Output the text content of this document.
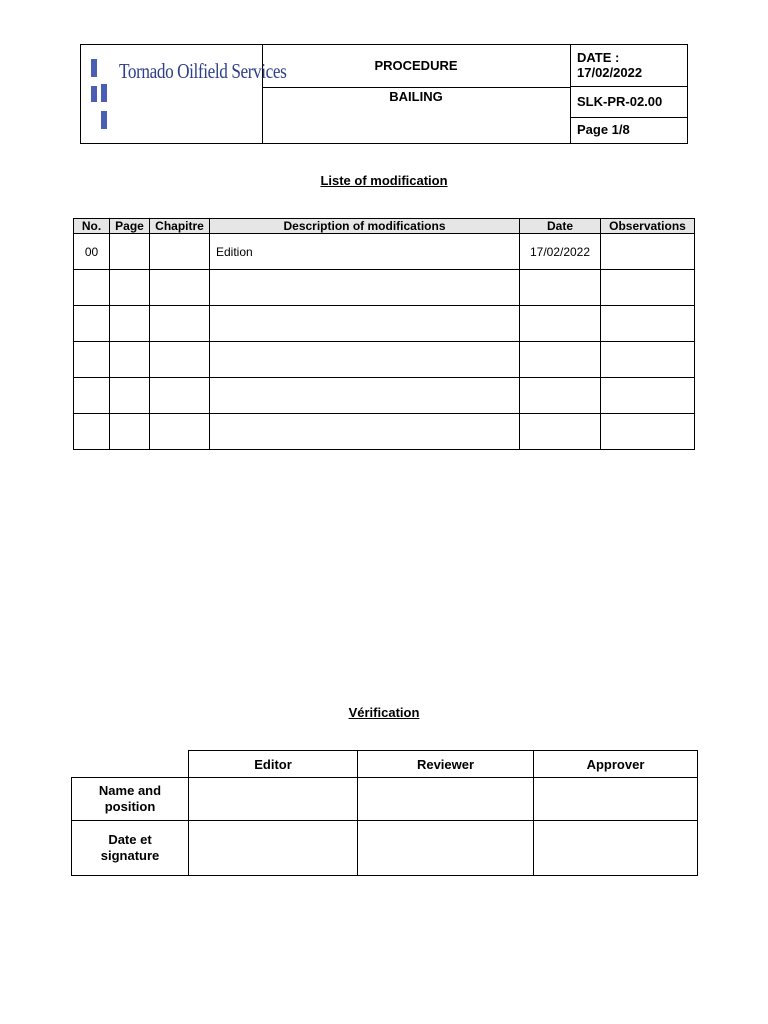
Tornado Oilfield Services	PROCEDURE
BAILING
DATE :
17/02/2022
SLK-PR-02.00
Page 1/8
Liste of modification
No.	Page	Chapitre	Description of modifications	Date	Observations
00			Edition	17/02/2022	

Vérification
Editor	Reviewer	Approver
Name and
position			

Date et
signature			
